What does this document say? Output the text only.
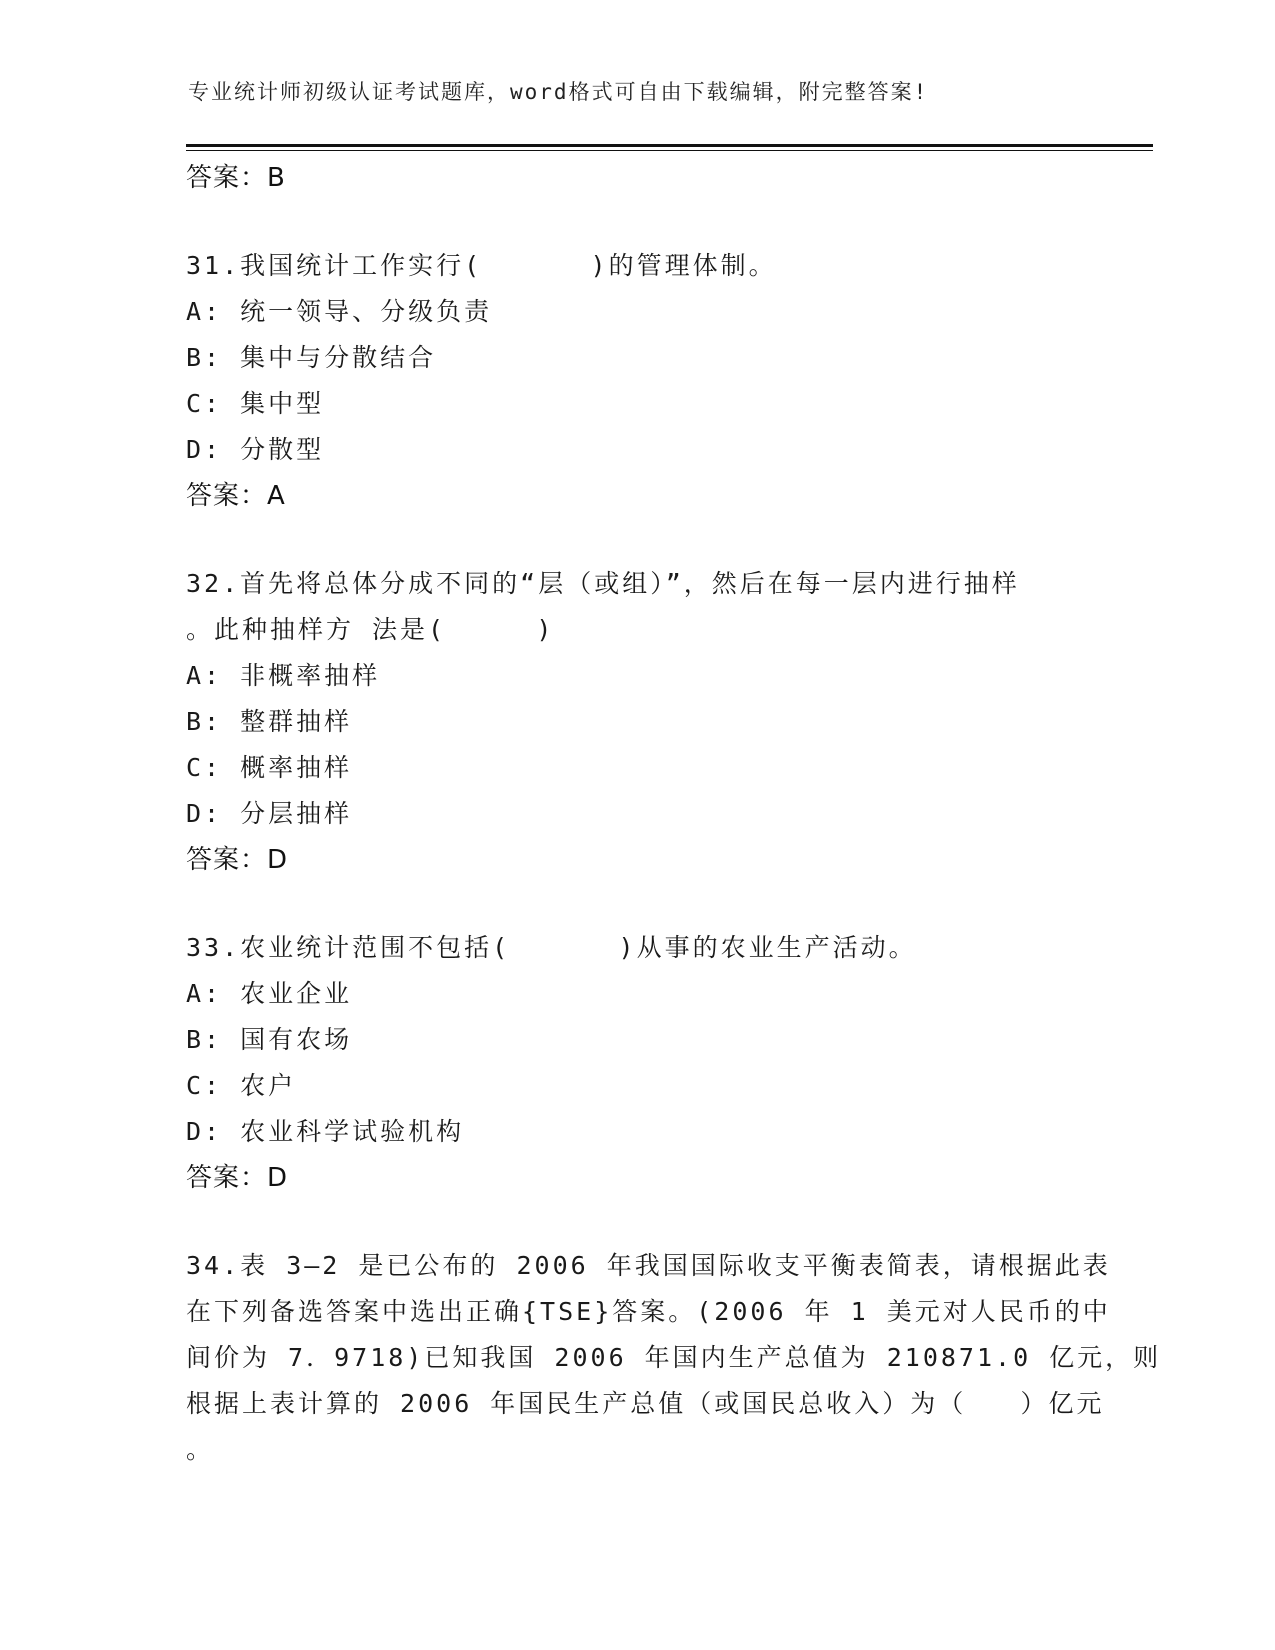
专业统计师初级认证考试题库，word格式可自由下载编辑，附完整答案!
答案：B
31.我国统计工作实行(      )的管理体制。
A: 统一领导、分级负责
B: 集中与分散结合
C: 集中型
D: 分散型
答案：A
32.首先将总体分成不同的“层（或组）”，然后在每一层内进行抽样
。此种抽样方 法是(     )
A: 非概率抽样
B: 整群抽样
C: 概率抽样
D: 分层抽样
答案：D
33.农业统计范围不包括(      )从事的农业生产活动。
A: 农业企业
B: 国有农场
C: 农户
D: 农业科学试验机构
答案：D
34.表 3—2 是已公布的 2006 年我国国际收支平衡表简表，请根据此表
在下列备选答案中选出正确{TSE}答案。(2006 年 1 美元对人民币的中
间价为 7．9718)已知我国 2006 年国内生产总值为 210871.0 亿元，则
根据上表计算的 2006 年国民生产总值（或国民总收入）为（   ）亿元
。
